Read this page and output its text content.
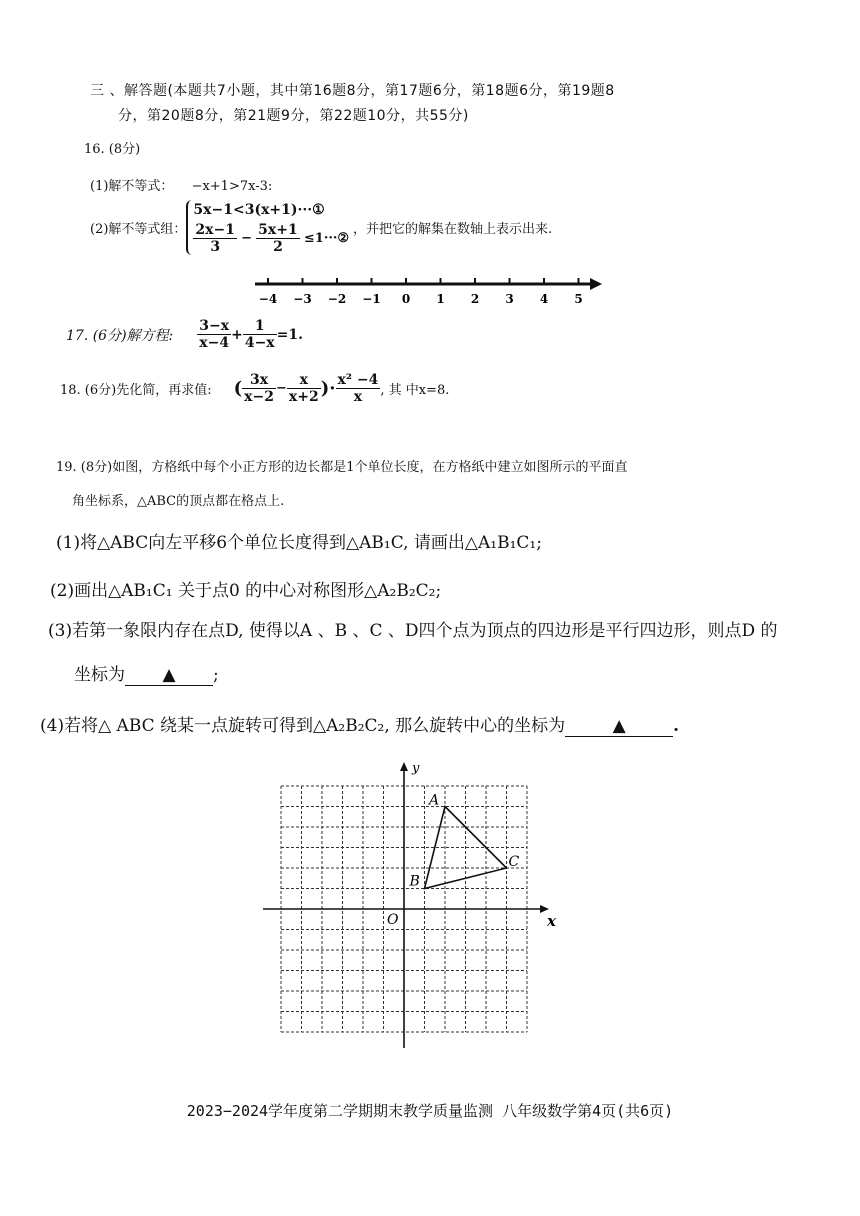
三 、解答题(本题共7小题，其中第16题8分，第17题6分，第18题6分，第19题8
分，第20题8分，第21题9分，第22题10分，共55分)
16. (8分)
(1)解不等式： −x+1>7x-3:
(2)解不等式组：
5x−1<3(x+1)···①
$\frac{2x-1}{3} - \frac{5x+1}{2}$ ≤1···②
，并把它的解集在数轴上表示出来.
−4 −3 −2 −1 0 1 2 3 4 5
17. (6分)解方程: $\frac{3-x}{x-4} + \frac{1}{4-x} =1$.
18. (6分)先化简，再求值: ( $\frac{3x}{x-2} - \frac{x}{x+2}$ )· $\frac{\text{x² −4}}{x}$ , 其 中x=8.
19. (8分)如图，方格纸中每个小正方形的边长都是1个单位长度，在方格纸中建立如图所示的平面直
角坐标系，△ABC的顶点都在格点上.
(1)将△ABC向左平移6个单位长度得到△AB₁C, 请画出△A₁B₁C₁;
(2)画出△AB₁C₁ 关于点0 的中心对称图形△A₂B₂C₂;
(3)若第一象限内存在点D, 使得以A 、B 、C 、D四个点为顶点的四边形是平行四边形，则点D 的
坐标为 ▲ ;
(4)若将△ ABC 绕某一点旋转可得到△A₂B₂C₂, 那么旋转中心的坐标为	▲	.
x
y
O
A
B
C
2023−2024学年度第二学期期末教学质量监测 八年级数学第4页(共6页)
